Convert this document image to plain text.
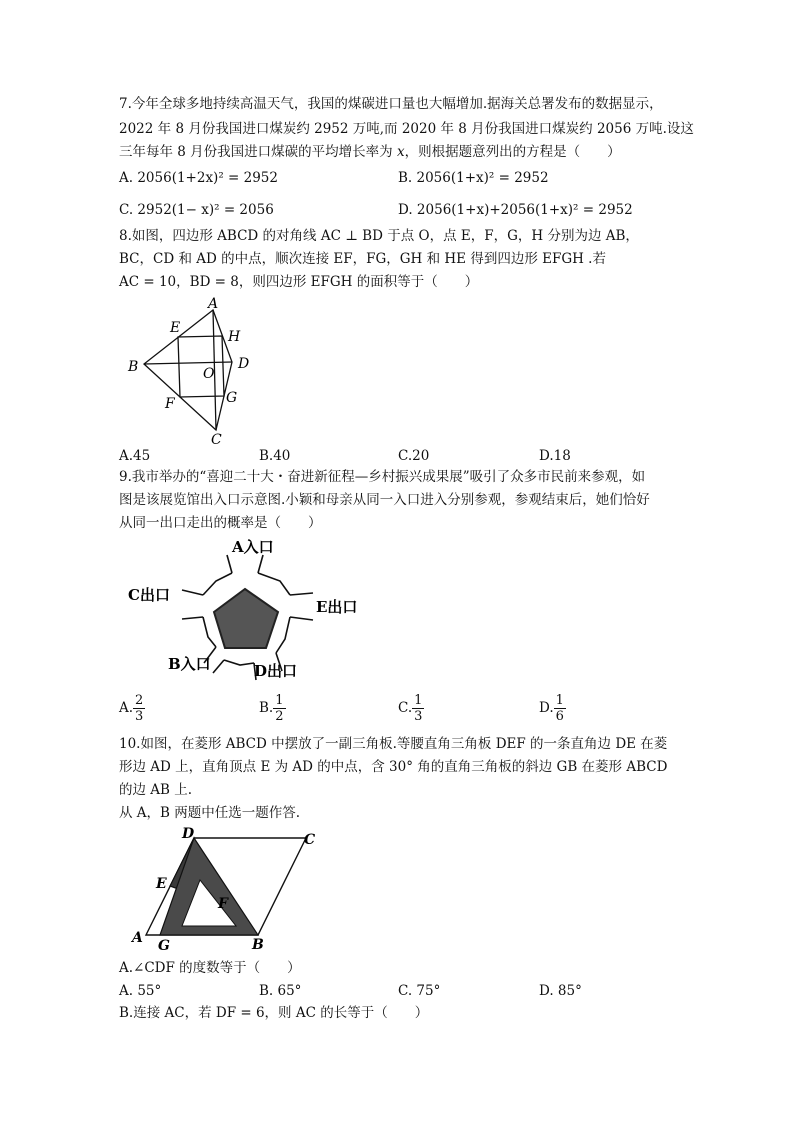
7.今年全球多地持续高温天气，我国的煤碳进口量也大幅增加.据海关总署发布的数据显示，
2022 年 8 月份我国进口煤炭约 2952 万吨,而 2020 年 8 月份我国进口煤炭约 2056 万吨.设这
三年每年 8 月份我国进口煤碳的平均增长率为 x，则根据题意列出的方程是（　　）
A. 2056(1+2x)² = 2952	B. 2056(1+x)² = 2952
C. 2952(1− x)² = 2056	D. 2056(1+x)+2056(1+x)² = 2952
8.如图，四边形 ABCD 的对角线 AC ⊥ BD 于点 O，点 E，F，G，H 分别为边 AB，
BC，CD 和 AD 的中点，顺次连接 EF，FG，GH 和 HE 得到四边形 EFGH .若
AC = 10，BD = 8，则四边形 EFGH 的面积等于（　　）
A
B
C
D
E
F	G
H
O
A.45	B.40	C.20	D.18
9.我市举办的“喜迎二十大・奋进新征程—乡村振兴成果展”吸引了众多市民前来参观，如
图是该展览馆出入口示意图.小颖和母亲从同一入口进入分别参观，参观结束后，她们恰好
从同一出口走出的概率是（　　）
A入口
C出口
E出口
B入口	D出口
A. $\frac{2}{3}$	B. $\frac{1}{2}$	C. $\frac{1}{3}$	D. $\frac{1}{6}$
10.如图，在菱形 ABCD 中摆放了一副三角板.等腰直角三角板 DEF 的一条直角边 DE 在菱
形边 AD 上，直角顶点 E 为 AD 的中点，含 30° 角的直角三角板的斜边 GB 在菱形 ABCD
的边 AB 上.
从 A，B 两题中任选一题作答.
D	C
E
F
A G	B
A.∠CDF 的度数等于（　　）
A. 55°	B. 65°	C. 75°	D. 85°
B.连接 AC，若 DF = 6，则 AC 的长等于（　　）
